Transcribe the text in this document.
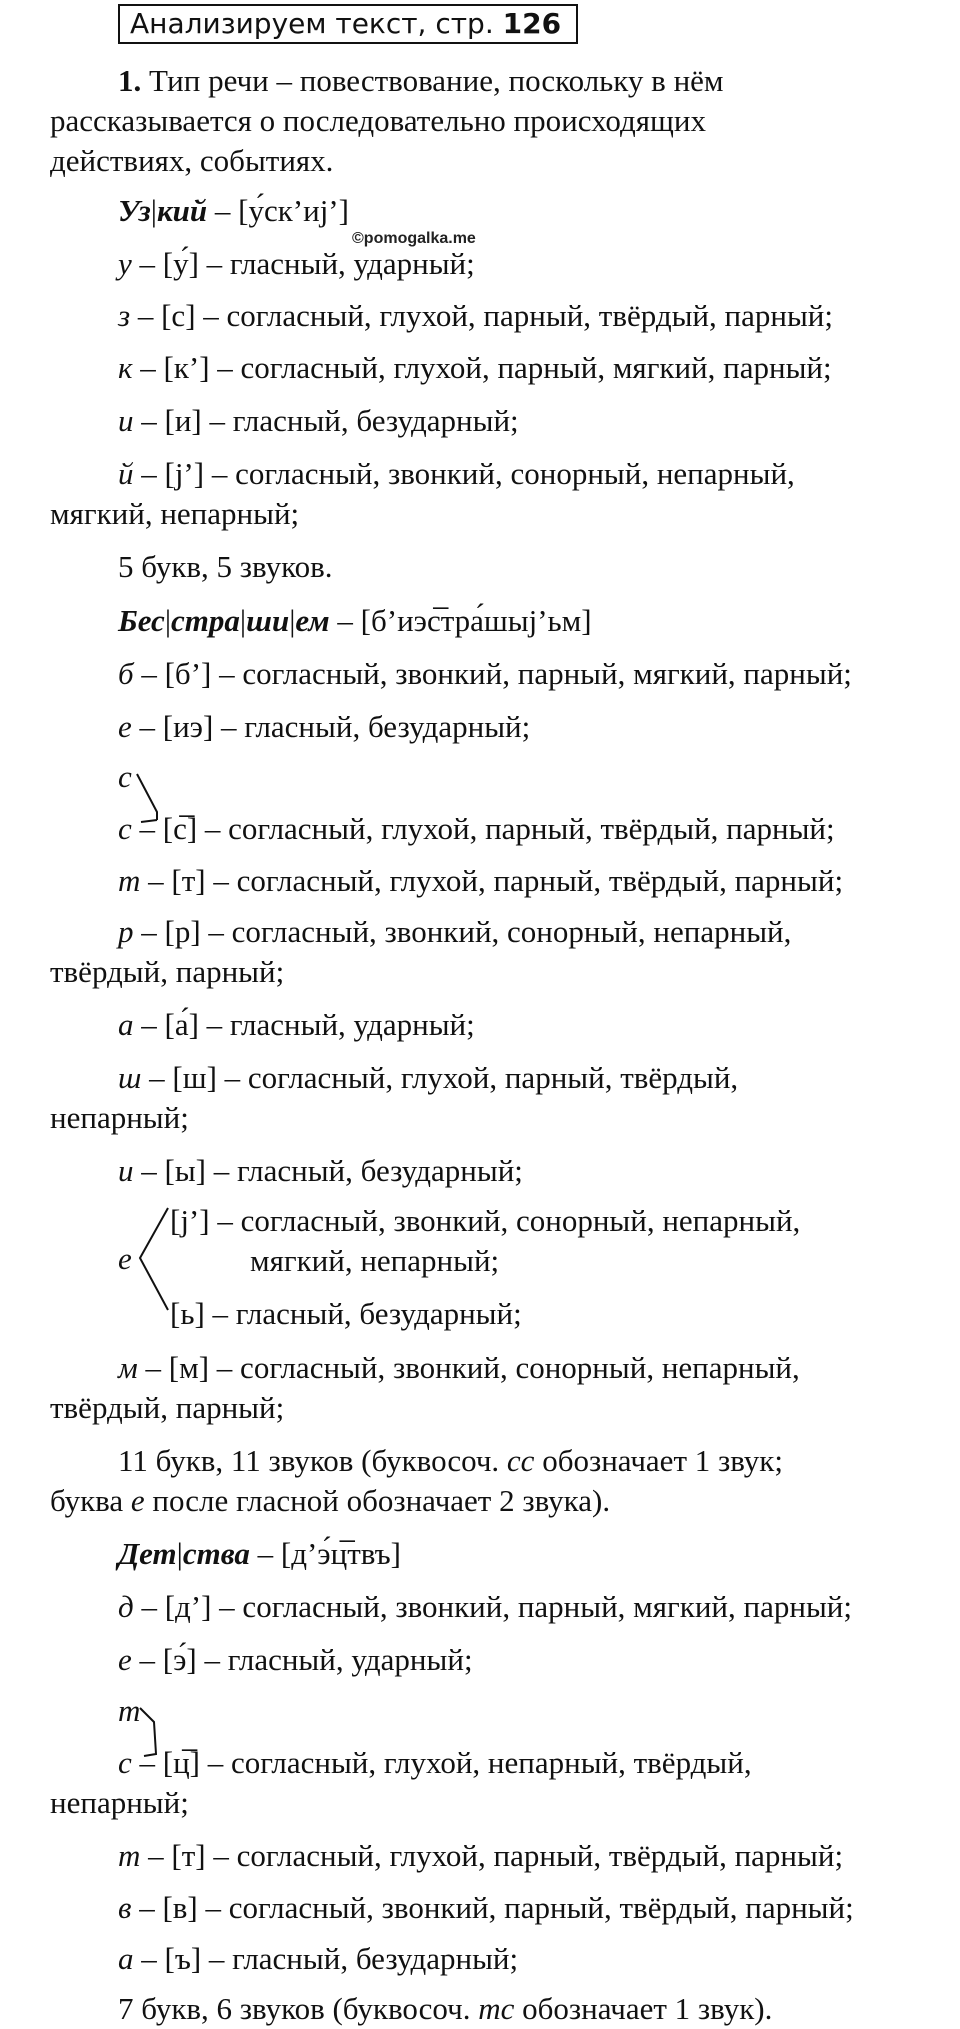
Анализируем текст, стр. 126
©pomogalka.me
1. Тип речи – повествование, поскольку в нём
рассказывается о последовательно происходящих
действиях, событиях.
Уз|кий – [у́ск’иj’]
у – [у́] – гласный, ударный;
з – [с] – согласный, глухой, парный, твёрдый, парный;
к – [к’] – согласный, глухой, парный, мягкий, парный;
и – [и] – гласный, безударный;
й – [j’] – согласный, звонкий, сонорный, непарный,
мягкий, непарный;
5 букв, 5 звуков.
Бес|стра|ши|ем – [б’иэс̅тра́шыj’ьм]
б – [б’] – согласный, звонкий, парный, мягкий, парный;
е – [иэ] – гласный, безударный;
с
с – [с̅] – согласный, глухой, парный, твёрдый, парный;
т – [т] – согласный, глухой, парный, твёрдый, парный;
р – [р] – согласный, звонкий, сонорный, непарный,
твёрдый, парный;
а – [а́] – гласный, ударный;
ш – [ш] – согласный, глухой, парный, твёрдый,
непарный;
и – [ы] – гласный, безударный;
е
[j’] – согласный, звонкий, сонорный, непарный,
мягкий, непарный;
[ь] – гласный, безударный;
м – [м] – согласный, звонкий, сонорный, непарный,
твёрдый, парный;
11 букв, 11 звуков (буквосоч. сс обозначает 1 звук;
буква е после гласной обозначает 2 звука).
Дет|ства – [д’э́ц̅твъ]
д – [д’] – согласный, звонкий, парный, мягкий, парный;
е – [э́] – гласный, ударный;
т
с – [ц̅] – согласный, глухой, непарный, твёрдый,
непарный;
т – [т] – согласный, глухой, парный, твёрдый, парный;
в – [в] – согласный, звонкий, парный, твёрдый, парный;
а – [ъ] – гласный, безударный;
7 букв, 6 звуков (буквосоч. тс обозначает 1 звук).
